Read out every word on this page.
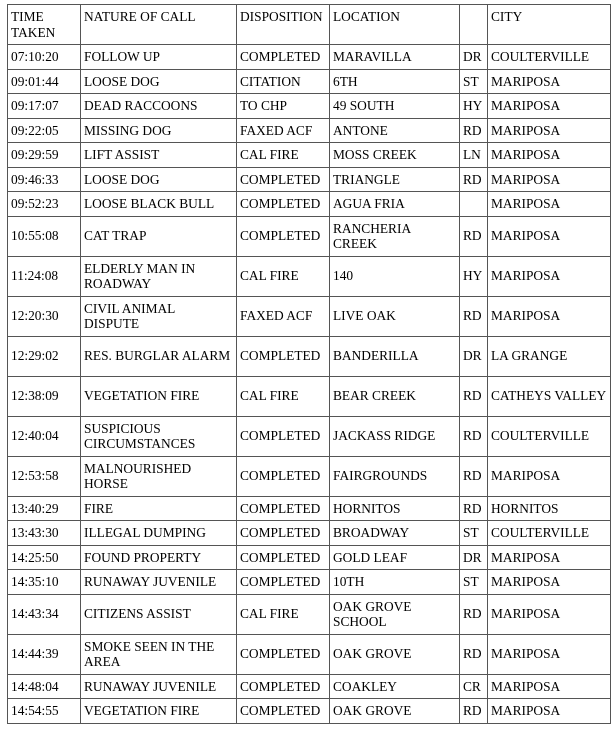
TIME TAKEN	NATURE OF CALL	DISPOSITION	LOCATION		CITY
07:10:20	FOLLOW UP	COMPLETED	MARAVILLA	DR	COULTERVILLE
09:01:44	LOOSE DOG	CITATION	6TH	ST	MARIPOSA
09:17:07	DEAD RACCOONS	TO CHP	49 SOUTH	HY	MARIPOSA
09:22:05	MISSING DOG	FAXED ACF	ANTONE	RD	MARIPOSA
09:29:59	LIFT ASSIST	CAL FIRE	MOSS CREEK	LN	MARIPOSA
09:46:33	LOOSE DOG	COMPLETED	TRIANGLE	RD	MARIPOSA
09:52:23	LOOSE BLACK BULL	COMPLETED	AGUA FRIA		MARIPOSA
10:55:08	CAT TRAP	COMPLETED	RANCHERIA CREEK	RD	MARIPOSA
11:24:08	ELDERLY MAN IN ROADWAY	CAL FIRE	140	HY	MARIPOSA
12:20:30	CIVIL ANIMAL DISPUTE	FAXED ACF	LIVE OAK	RD	MARIPOSA
12:29:02	RES. BURGLAR ALARM	COMPLETED	BANDERILLA	DR	LA GRANGE
12:38:09	VEGETATION FIRE	CAL FIRE	BEAR CREEK	RD	CATHEYS VALLEY
12:40:04	SUSPICIOUS CIRCUMSTANCES	COMPLETED	JACKASS RIDGE	RD	COULTERVILLE
12:53:58	MALNOURISHED HORSE	COMPLETED	FAIRGROUNDS	RD	MARIPOSA
13:40:29	FIRE	COMPLETED	HORNITOS	RD	HORNITOS
13:43:30	ILLEGAL DUMPING	COMPLETED	BROADWAY	ST	COULTERVILLE
14:25:50	FOUND PROPERTY	COMPLETED	GOLD LEAF	DR	MARIPOSA
14:35:10	RUNAWAY JUVENILE	COMPLETED	10TH	ST	MARIPOSA
14:43:34	CITIZENS ASSIST	CAL FIRE	OAK GROVE SCHOOL	RD	MARIPOSA
14:44:39	SMOKE SEEN IN THE AREA	COMPLETED	OAK GROVE	RD	MARIPOSA
14:48:04	RUNAWAY JUVENILE	COMPLETED	COAKLEY	CR	MARIPOSA
14:54:55	VEGETATION FIRE	COMPLETED	OAK GROVE	RD	MARIPOSA
